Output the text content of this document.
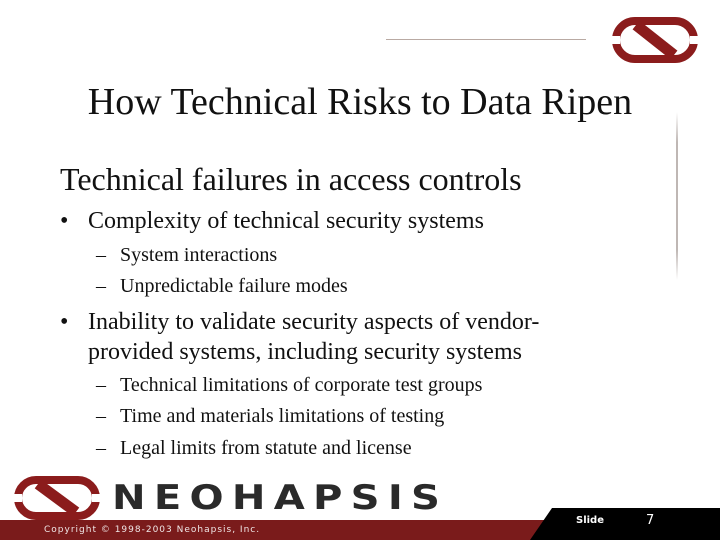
How Technical Risks to Data Ripen
Technical failures in access controls
• Complexity of technical security systems
– System interactions
– Unpredictable failure modes
• Inability to validate security aspects of vendor-
provided systems, including security systems
– Technical limitations of corporate test groups
– Time and materials limitations of testing
– Legal limits from statute and license
NEOHAPSIS
Copyright © 1998-2003 Neohapsis, Inc.
Slide	7
